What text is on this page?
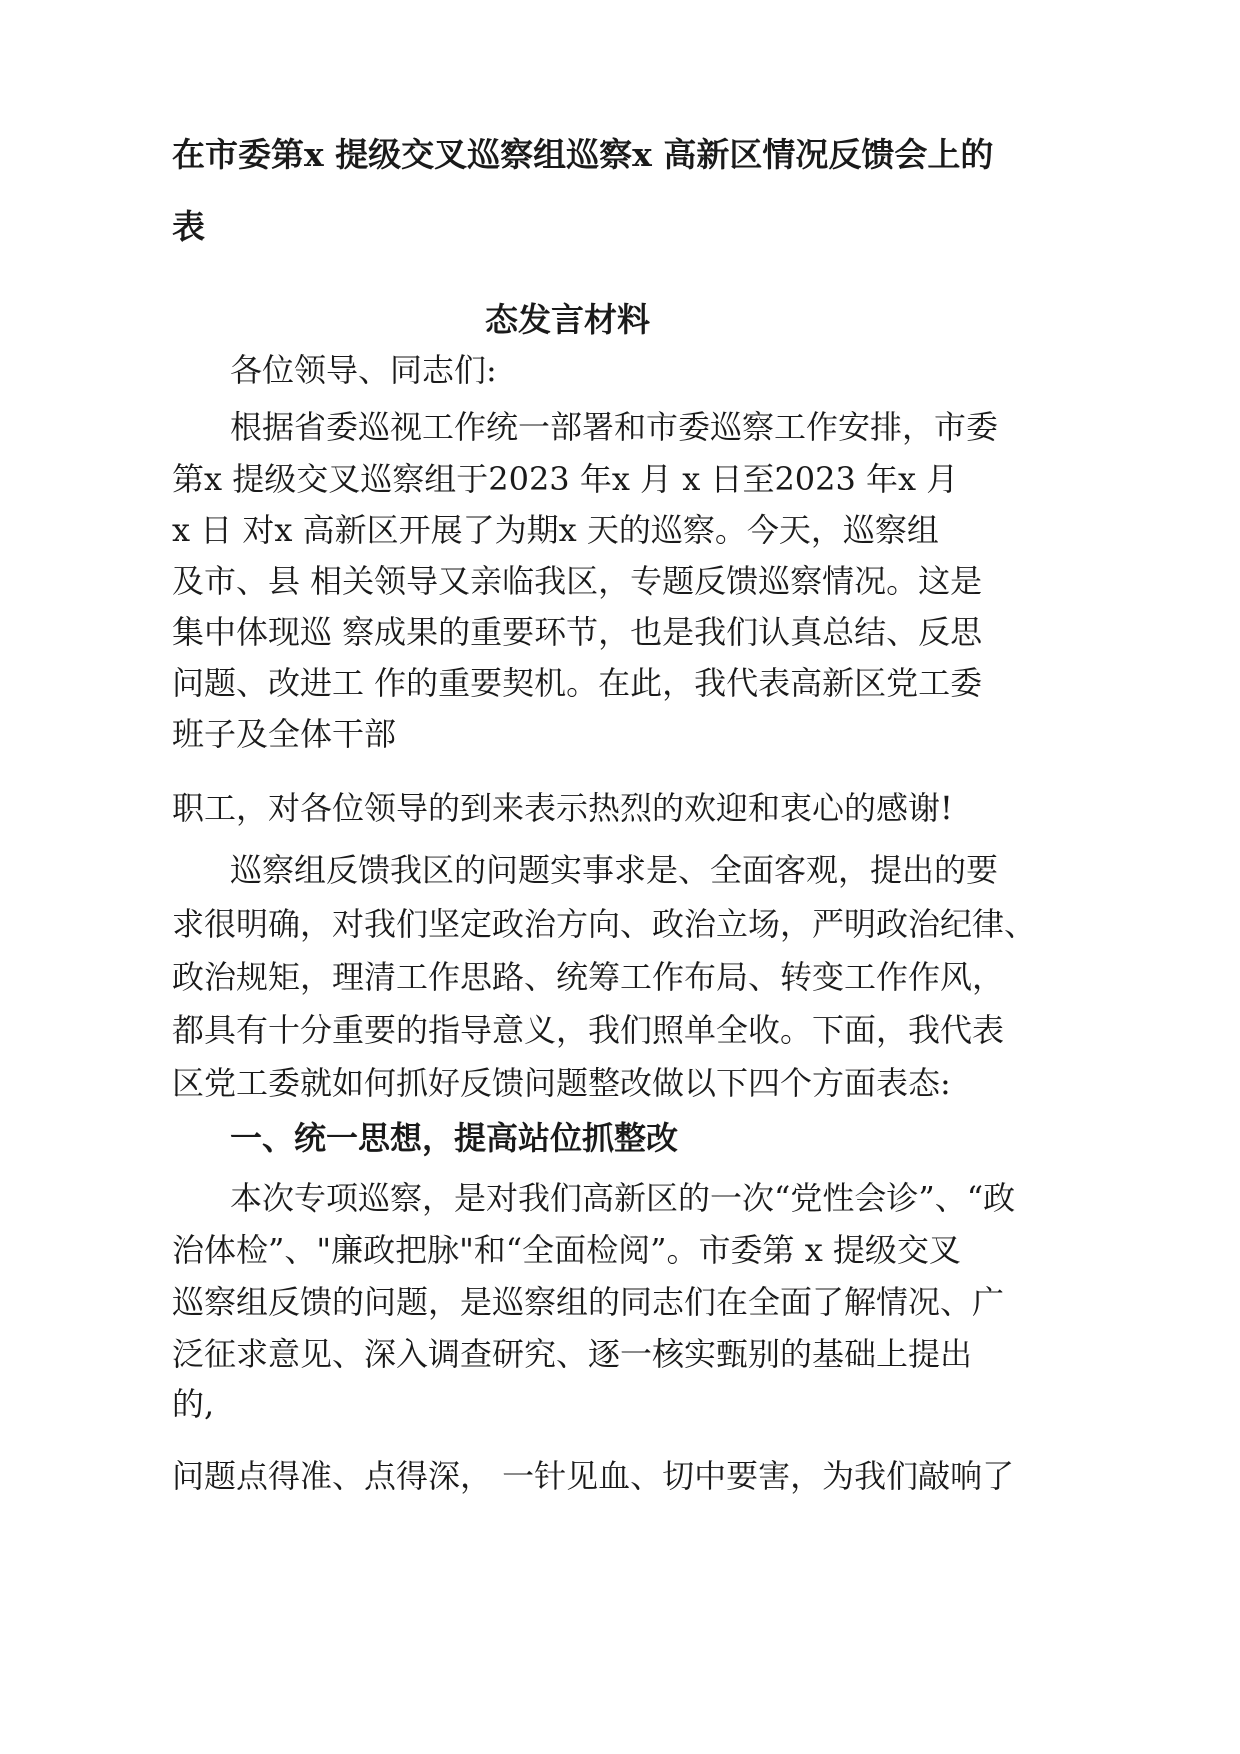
在市委第x 提级交叉巡察组巡察x 高新区情况反馈会上的
表
态发言材料
各位领导、同志们:
根据省委巡视工作统一部署和市委巡察工作安排，市委
第x 提级交叉巡察组于2023 年x 月 x 日至2023 年x 月
x 日 对x 高新区开展了为期x 天的巡察。今天，巡察组
及市、县 相关领导又亲临我区，专题反馈巡察情况。这是
集中体现巡 察成果的重要环节，也是我们认真总结、反思
问题、改进工 作的重要契机。在此，我代表高新区党工委
班子及全体干部
职工，对各位领导的到来表示热烈的欢迎和衷心的感谢!
巡察组反馈我区的问题实事求是、全面客观，提出的要
求很明确，对我们坚定政治方向、政治立场，严明政治纪律、
政治规矩，理清工作思路、统筹工作布局、转变工作作风，
都具有十分重要的指导意义，我们照单全收。下面，我代表
区党工委就如何抓好反馈问题整改做以下四个方面表态:
一、统一思想，提高站位抓整改
本次专项巡察，是对我们高新区的一次“党性会诊”、“政
治体检”、"廉政把脉"和“全面检阅”。市委第 x 提级交叉
巡察组反馈的问题，是巡察组的同志们在全面了解情况、广
泛征求意见、深入调查研究、逐一核实甄别的基础上提出
的,
问题点得准、点得深， 一针见血、切中要害，为我们敲响了
